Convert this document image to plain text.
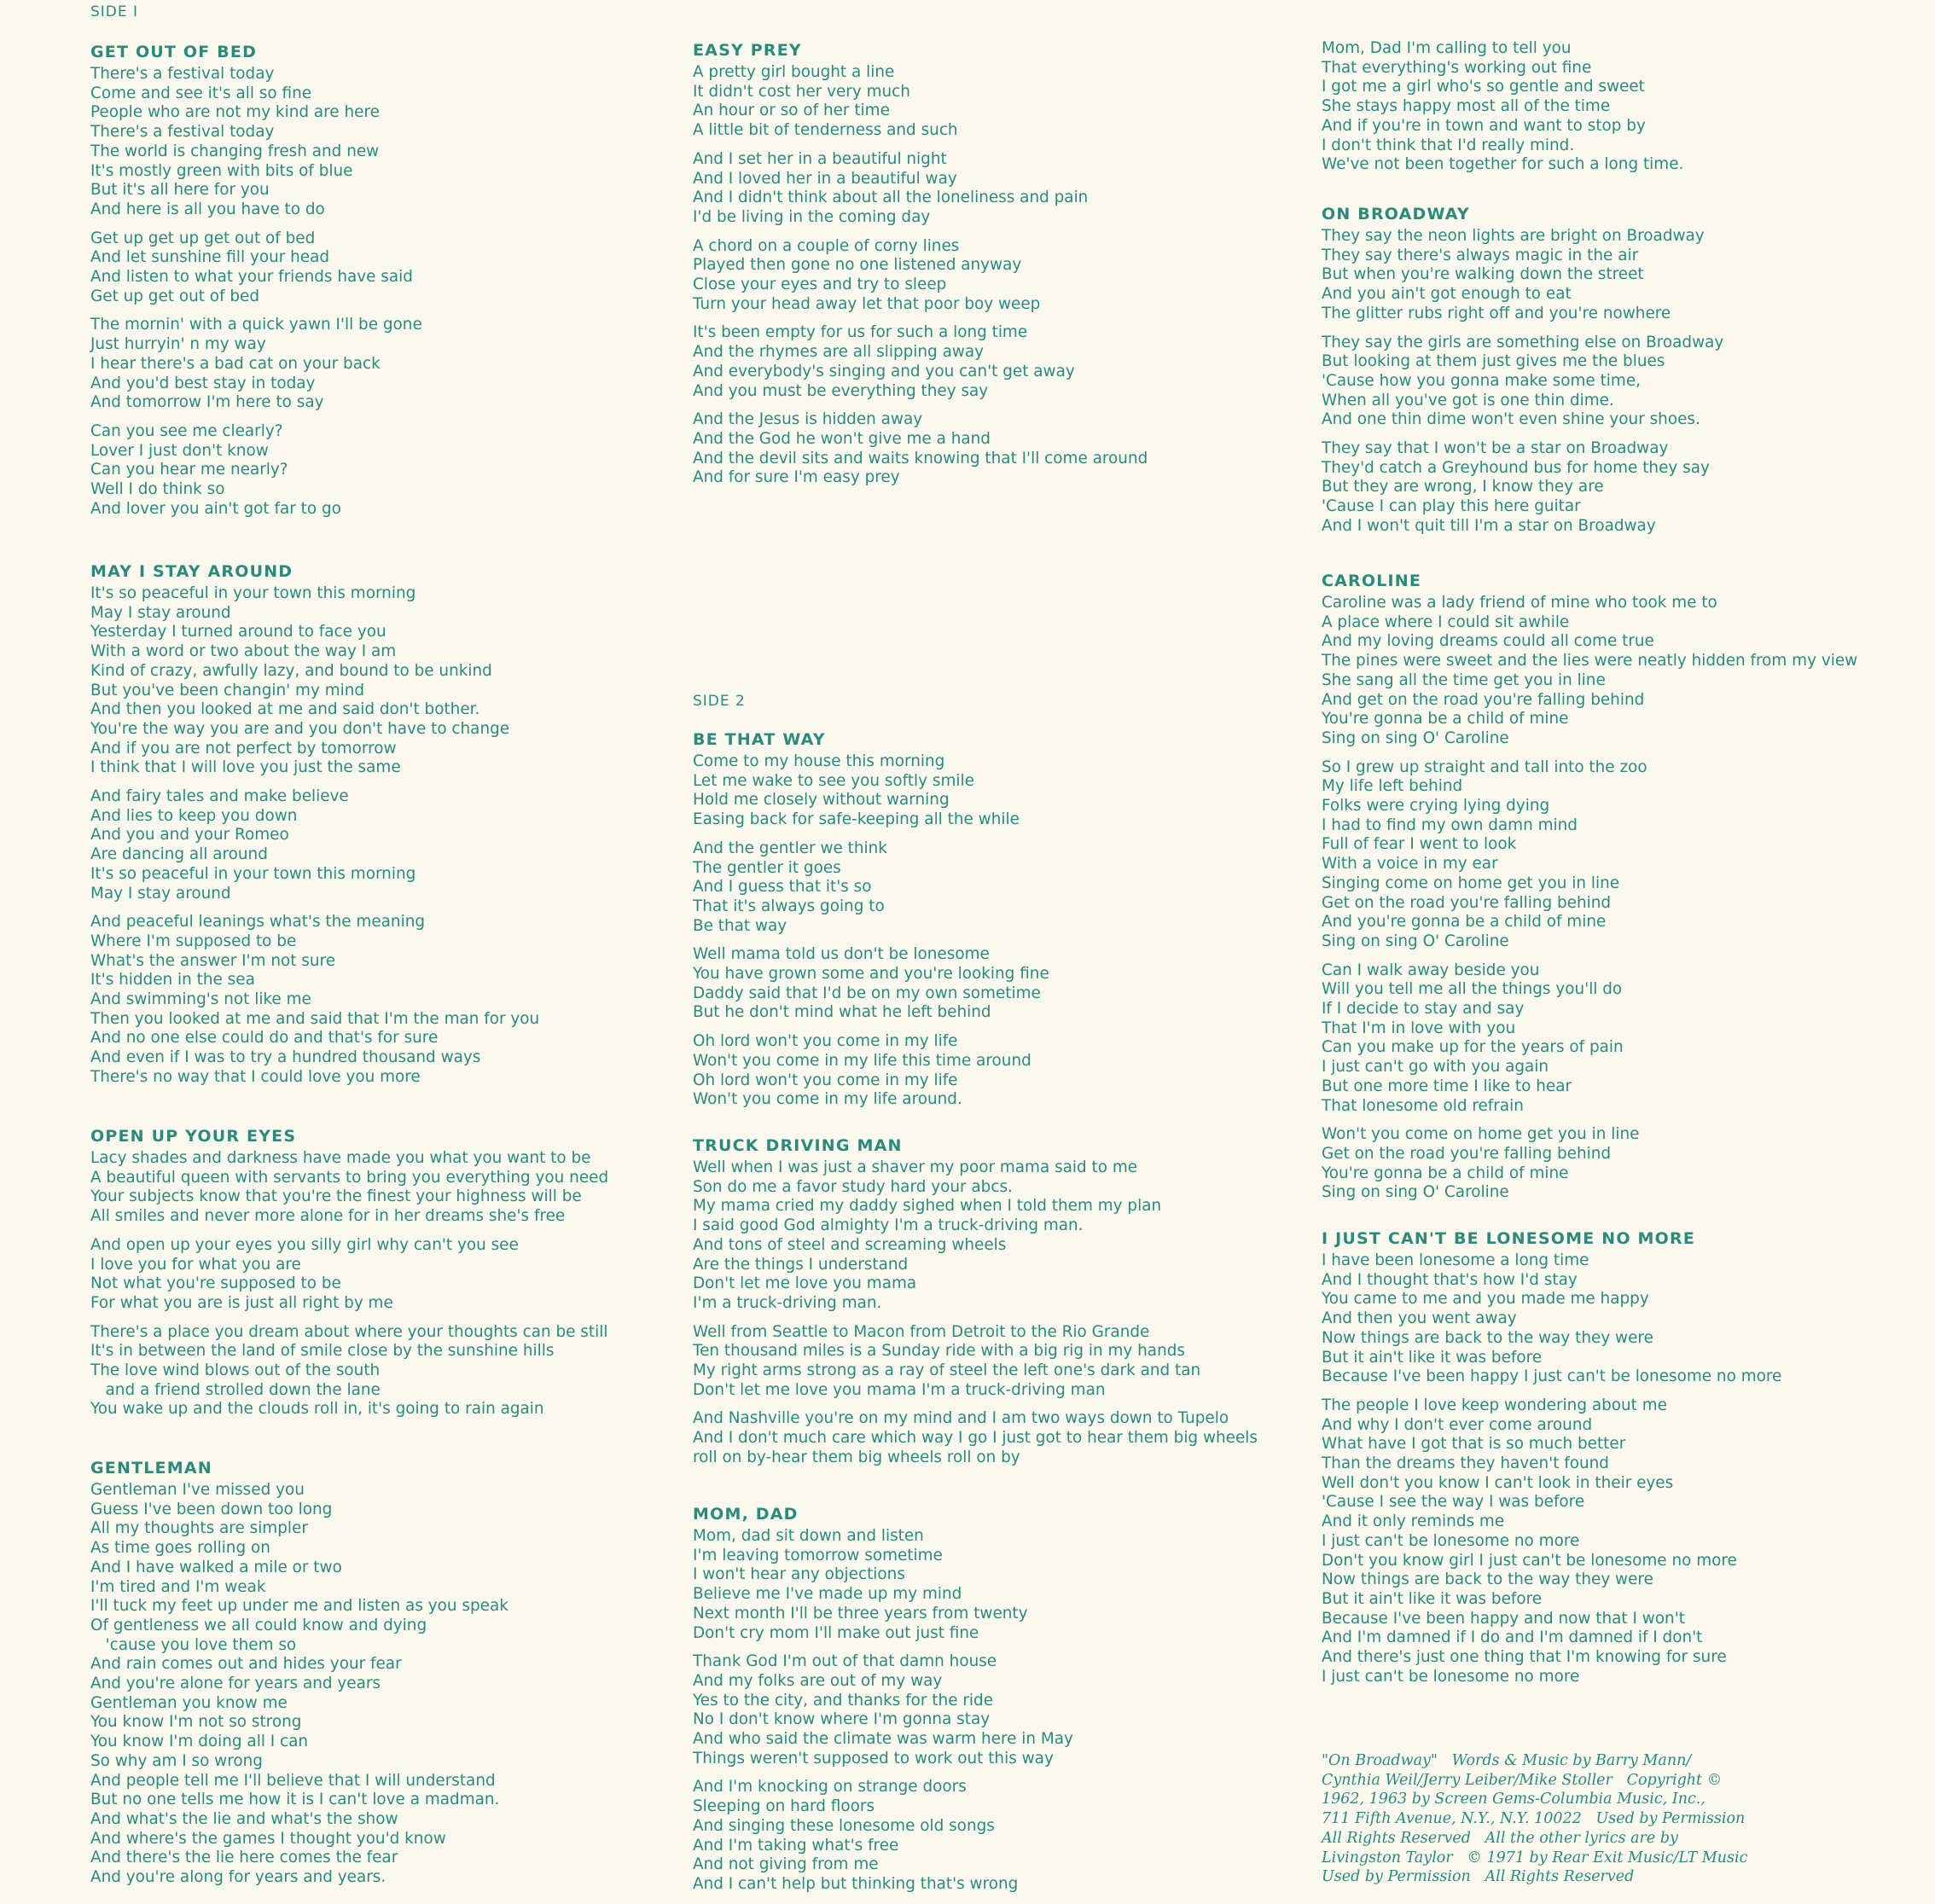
SIDE I
GET OUT OF BED
There's a festival today
Come and see it's all so fine
People who are not my kind are here
There's a festival today
The world is changing fresh and new
It's mostly green with bits of blue
But it's all here for you
And here is all you have to do
Get up get up get out of bed
And let sunshine fill your head
And listen to what your friends have said
Get up get out of bed
The mornin' with a quick yawn I'll be gone
Just hurryin' n my way
I hear there's a bad cat on your back
And you'd best stay in today
And tomorrow I'm here to say
Can you see me clearly?
Lover I just don't know
Can you hear me nearly?
Well I do think so
And lover you ain't got far to go
MAY I STAY AROUND
It's so peaceful in your town this morning
May I stay around
Yesterday I turned around to face you
With a word or two about the way I am
Kind of crazy, awfully lazy, and bound to be unkind
But you've been changin' my mind
And then you looked at me and said don't bother.
You're the way you are and you don't have to change
And if you are not perfect by tomorrow
I think that I will love you just the same
And fairy tales and make believe
And lies to keep you down
And you and your Romeo
Are dancing all around
It's so peaceful in your town this morning
May I stay around
And peaceful leanings what's the meaning
Where I'm supposed to be
What's the answer I'm not sure
It's hidden in the sea
And swimming's not like me
Then you looked at me and said that I'm the man for you
And no one else could do and that's for sure
And even if I was to try a hundred thousand ways
There's no way that I could love you more
OPEN UP YOUR EYES
Lacy shades and darkness have made you what you want to be
A beautiful queen with servants to bring you everything you need
Your subjects know that you're the finest your highness will be
All smiles and never more alone for in her dreams she's free
And open up your eyes you silly girl why can't you see
I love you for what you are
Not what you're supposed to be
For what you are is just all right by me
There's a place you dream about where your thoughts can be still
It's in between the land of smile close by the sunshine hills
The love wind blows out of the south
and a friend strolled down the lane
You wake up and the clouds roll in, it's going to rain again
GENTLEMAN
Gentleman I've missed you
Guess I've been down too long
All my thoughts are simpler
As time goes rolling on
And I have walked a mile or two
I'm tired and I'm weak
I'll tuck my feet up under me and listen as you speak
Of gentleness we all could know and dying
'cause you love them so
And rain comes out and hides your fear
And you're alone for years and years
Gentleman you know me
You know I'm not so strong
You know I'm doing all I can
So why am I so wrong
And people tell me I'll believe that I will understand
But no one tells me how it is I can't love a madman.
And what's the lie and what's the show
And where's the games I thought you'd know
And there's the lie here comes the fear
And you're along for years and years.
EASY PREY
A pretty girl bought a line
It didn't cost her very much
An hour or so of her time
A little bit of tenderness and such
And I set her in a beautiful night
And I loved her in a beautiful way
And I didn't think about all the loneliness and pain
I'd be living in the coming day
A chord on a couple of corny lines
Played then gone no one listened anyway
Close your eyes and try to sleep
Turn your head away let that poor boy weep
It's been empty for us for such a long time
And the rhymes are all slipping away
And everybody's singing and you can't get away
And you must be everything they say
And the Jesus is hidden away
And the God he won't give me a hand
And the devil sits and waits knowing that I'll come around
And for sure I'm easy prey
SIDE 2
BE THAT WAY
Come to my house this morning
Let me wake to see you softly smile
Hold me closely without warning
Easing back for safe-keeping all the while
And the gentler we think
The gentler it goes
And I guess that it's so
That it's always going to
Be that way
Well mama told us don't be lonesome
You have grown some and you're looking fine
Daddy said that I'd be on my own sometime
But he don't mind what he left behind
Oh lord won't you come in my life
Won't you come in my life this time around
Oh lord won't you come in my life
Won't you come in my life around.
TRUCK DRIVING MAN
Well when I was just a shaver my poor mama said to me
Son do me a favor study hard your abcs.
My mama cried my daddy sighed when I told them my plan
I said good God almighty I'm a truck-driving man.
And tons of steel and screaming wheels
Are the things I understand
Don't let me love you mama
I'm a truck-driving man.
Well from Seattle to Macon from Detroit to the Rio Grande
Ten thousand miles is a Sunday ride with a big rig in my hands
My right arms strong as a ray of steel the left one's dark and tan
Don't let me love you mama I'm a truck-driving man
And Nashville you're on my mind and I am two ways down to Tupelo
And I don't much care which way I go I just got to hear them big wheels
roll on by-hear them big wheels roll on by
MOM, DAD
Mom, dad sit down and listen
I'm leaving tomorrow sometime
I won't hear any objections
Believe me I've made up my mind
Next month I'll be three years from twenty
Don't cry mom I'll make out just fine
Thank God I'm out of that damn house
And my folks are out of my way
Yes to the city, and thanks for the ride
No I don't know where I'm gonna stay
And who said the climate was warm here in May
Things weren't supposed to work out this way
And I'm knocking on strange doors
Sleeping on hard floors
And singing these lonesome old songs
And I'm taking what's free
And not giving from me
And I can't help but thinking that's wrong
Mom, Dad I'm calling to tell you
That everything's working out fine
I got me a girl who's so gentle and sweet
She stays happy most all of the time
And if you're in town and want to stop by
I don't think that I'd really mind.
We've not been together for such a long time.
ON BROADWAY
They say the neon lights are bright on Broadway
They say there's always magic in the air
But when you're walking down the street
And you ain't got enough to eat
The glitter rubs right off and you're nowhere
They say the girls are something else on Broadway
But looking at them just gives me the blues
'Cause how you gonna make some time,
When all you've got is one thin dime.
And one thin dime won't even shine your shoes.
They say that I won't be a star on Broadway
They'd catch a Greyhound bus for home they say
But they are wrong, I know they are
'Cause I can play this here guitar
And I won't quit till I'm a star on Broadway
CAROLINE
Caroline was a lady friend of mine who took me to
A place where I could sit awhile
And my loving dreams could all come true
The pines were sweet and the lies were neatly hidden from my view
She sang all the time get you in line
And get on the road you're falling behind
You're gonna be a child of mine
Sing on sing O' Caroline
So I grew up straight and tall into the zoo
My life left behind
Folks were crying lying dying
I had to find my own damn mind
Full of fear I went to look
With a voice in my ear
Singing come on home get you in line
Get on the road you're falling behind
And you're gonna be a child of mine
Sing on sing O' Caroline
Can I walk away beside you
Will you tell me all the things you'll do
If I decide to stay and say
That I'm in love with you
Can you make up for the years of pain
I just can't go with you again
But one more time I like to hear
That lonesome old refrain
Won't you come on home get you in line
Get on the road you're falling behind
You're gonna be a child of mine
Sing on sing O' Caroline
I JUST CAN'T BE LONESOME NO MORE
I have been lonesome a long time
And I thought that's how I'd stay
You came to me and you made me happy
And then you went away
Now things are back to the way they were
But it ain't like it was before
Because I've been happy I just can't be lonesome no more
The people I love keep wondering about me
And why I don't ever come around
What have I got that is so much better
Than the dreams they haven't found
Well don't you know I can't look in their eyes
'Cause I see the way I was before
And it only reminds me
I just can't be lonesome no more
Don't you know girl I just can't be lonesome no more
Now things are back to the way they were
But it ain't like it was before
Because I've been happy and now that I won't
And I'm damned if I do and I'm damned if I don't
And there's just one thing that I'm knowing for sure
I just can't be lonesome no more
"On Broadway"   Words & Music by Barry Mann/
Cynthia Weil/Jerry Leiber/Mike Stoller   Copyright ©
1962, 1963 by Screen Gems-Columbia Music, Inc.,
711 Fifth Avenue, N.Y., N.Y. 10022   Used by Permission
All Rights Reserved   All the other lyrics are by
Livingston Taylor   © 1971 by Rear Exit Music/LT Music
Used by Permission   All Rights Reserved
